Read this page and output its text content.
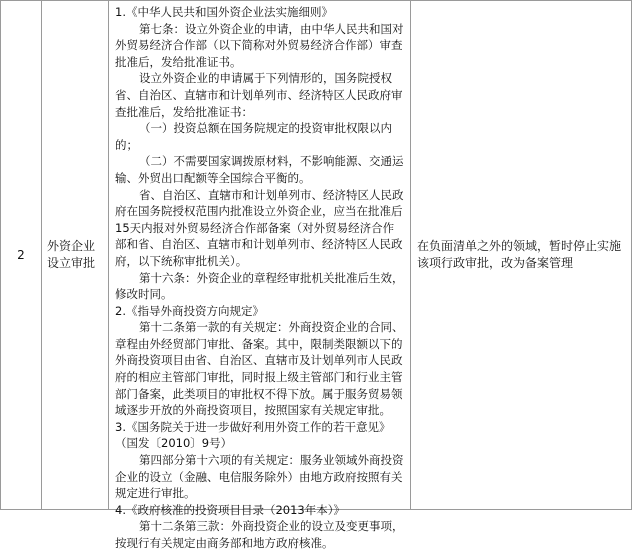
2
外资企业设立审批

1.《中华人民共和国外资企业法实施细则》

第七条：设立外资企业的申请，由中华人民共和国对外贸易经济合作部（以下简称对外贸易经济合作部）审查批准后，发给批准证书。

设立外资企业的申请属于下列情形的，国务院授权省、自治区、直辖市和计划单列市、经济特区人民政府审查批准后，发给批准证书：

（一）投资总额在国务院规定的投资审批权限以内的；

（二）不需要国家调拨原材料，不影响能源、交通运输、外贸出口配额等全国综合平衡的。

省、自治区、直辖市和计划单列市、经济特区人民政府在国务院授权范围内批准设立外资企业，应当在批准后15天内报对外贸易经济合作部备案（对外贸易经济合作部和省、自治区、直辖市和计划单列市、经济特区人民政府，以下统称审批机关）。

第十六条：外资企业的章程经审批机关批准后生效，修改时同。

2.《指导外商投资方向规定》

第十二条第一款的有关规定：外商投资企业的合同、章程由外经贸部门审批、备案。其中，限制类限额以下的外商投资项目由省、自治区、直辖市及计划单列市人民政府的相应主管部门审批，同时报上级主管部门和行业主管部门备案，此类项目的审批权不得下放。属于服务贸易领域逐步开放的外商投资项目，按照国家有关规定审批。

3.《国务院关于进一步做好利用外资工作的若干意见》（国发〔2010〕9号）

第四部分第十六项的有关规定：服务业领域外商投资企业的设立（金融、电信服务除外）由地方政府按照有关规定进行审批。

4.《政府核准的投资项目目录（2013年本）》

第十二条第三款：外商投资企业的设立及变更事项，按现行有关规定由商务部和地方政府核准。

在负面清单之外的领域，暂时停止实施该项行政审批，改为备案管理
